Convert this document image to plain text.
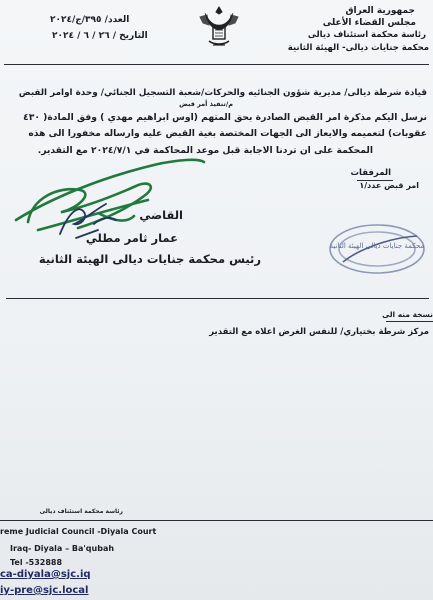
جمهورية العراق
مجلس القضاء الأعلى
رئاسة محكمة استئناف ديالى
محكمة جنايات ديالى- الهيئة الثانية
العدد/ ٣٩٥/ج/٢٠٢٤
التاريخ / ٢٦ / ٦ / ٢٠٢٤
قيادة شرطة ديالى/ مديرية شؤون الجنائيه والحركات/شعبة التسجيل الجنائي/ وحدة اوامر القبض
م/تنفيذ أمر قبض
نرسل اليكم مذكرة امر القبض الصادرة بحق المتهم (اوس ابراهيم مهدي ) وفق المادة( ٤٣٠
عقوبات) لتعميمه والايعاز الى الجهات المختصة بغية القبض عليه وارساله مخفورا الى هذه
المحكمة على ان تردنا الاجابة قبل موعد المحاكمة في ٢٠٢٤/٧/١ مع التقدير.
المرفقات
امر قبض عدد/١
القاضي
عمار ثامر مطلي
رئيس محكمة جنايات ديالى الهيئة الثانية
محكمة جنايات ديالى الهيئة الثانية
نسخة منه الى
مركز شرطة بختياري/ للنفس الغرض اعلاه مع التقدير
رئاسة محكمة استئناف ديالى
reme Judicial Council -Diyala Court
Iraq- Diyala – Ba'qubah
Tel -532888
ca-diyala@sjc.iq
iy-pre@sjc.local
